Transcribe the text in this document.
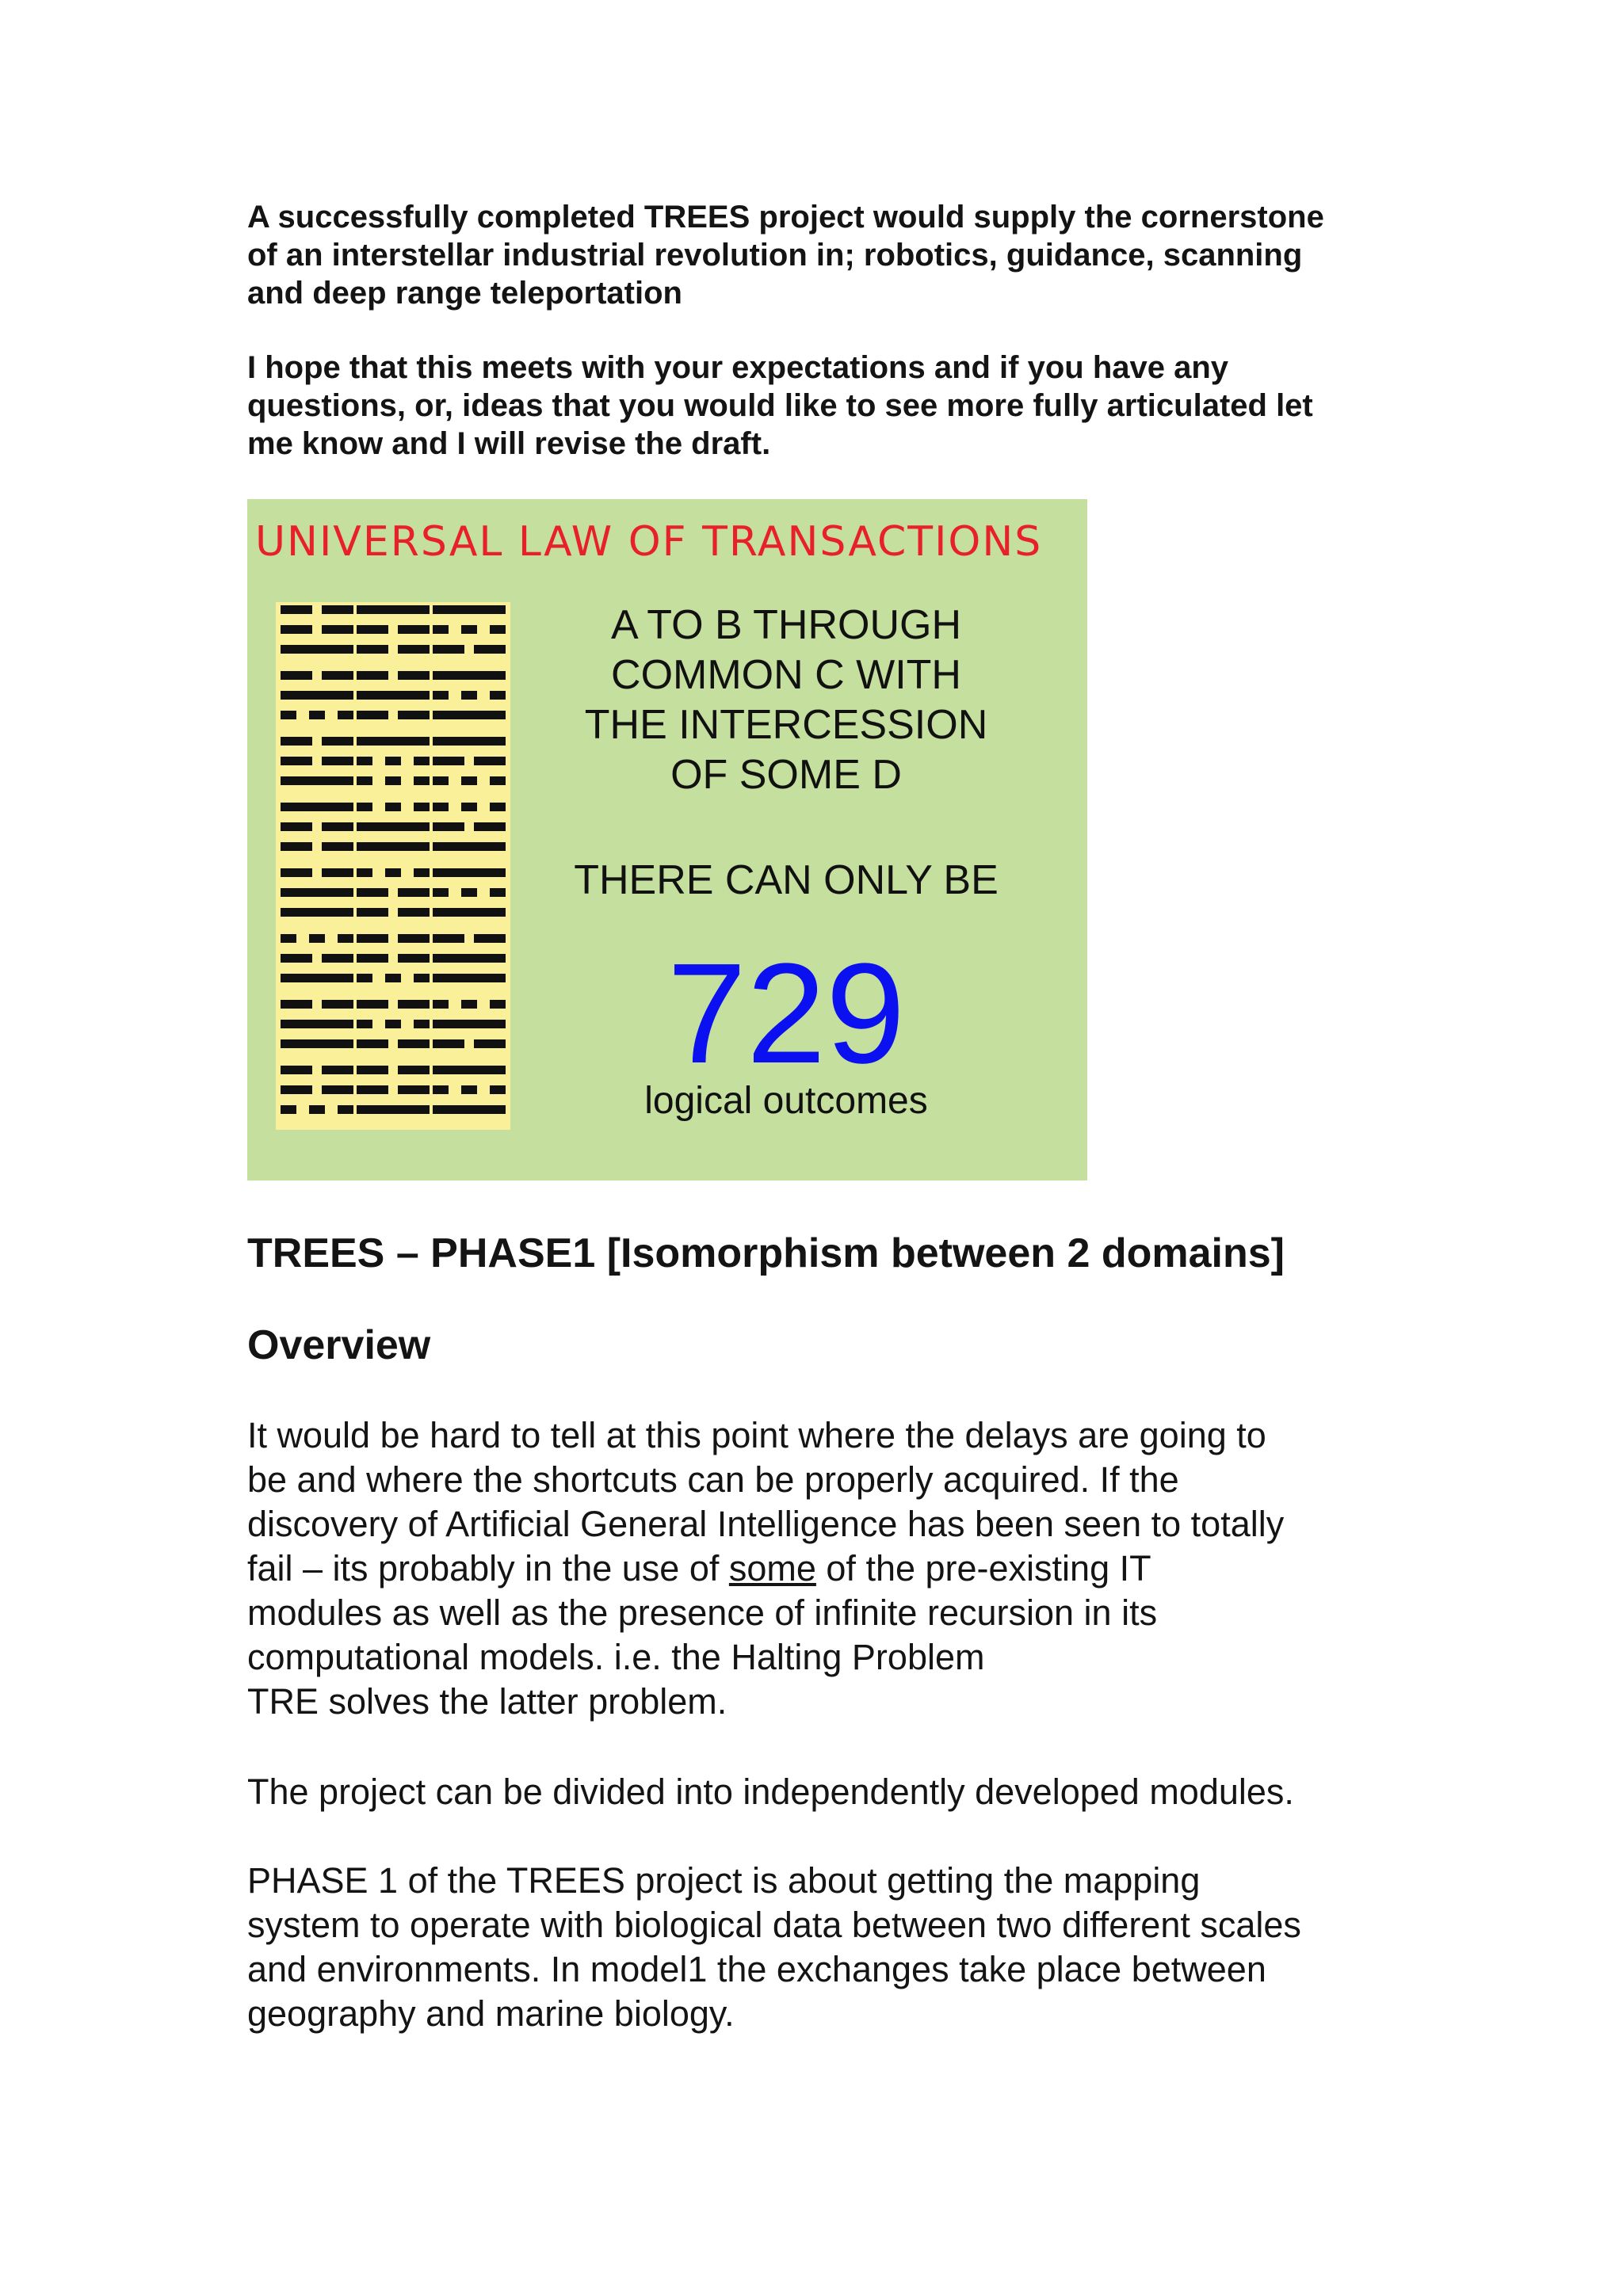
A successfully completed TREES project would supply the cornerstone
of an interstellar industrial revolution in; robotics, guidance, scanning
and deep range teleportation

I hope that this meets with your expectations and if you have any
questions, or, ideas that you would like to see more fully articulated let
me know and I will revise the draft.

UNIVERSAL LAW OF TRANSACTIONS
A TO B THROUGH
COMMON C WITH
THE INTERCESSION
OF SOME D
THERE CAN ONLY BE
729
logical outcomes
TREES – PHASE1 [Isomorphism between 2 domains]
Overview

It would be hard to tell at this point where the delays are going to
be and where the shortcuts can be properly acquired. If the
discovery of Artificial General Intelligence has been seen to totally
fail – its probably in the use of some of the pre-existing IT
modules as well as the presence of infinite recursion in its
computational models. i.e. the Halting Problem
TRE solves the latter problem.

The project can be divided into independently developed modules.

PHASE 1 of the TREES project is about getting the mapping
system to operate with biological data between two different scales
and environments. In model1 the exchanges take place between
geography and marine biology.
